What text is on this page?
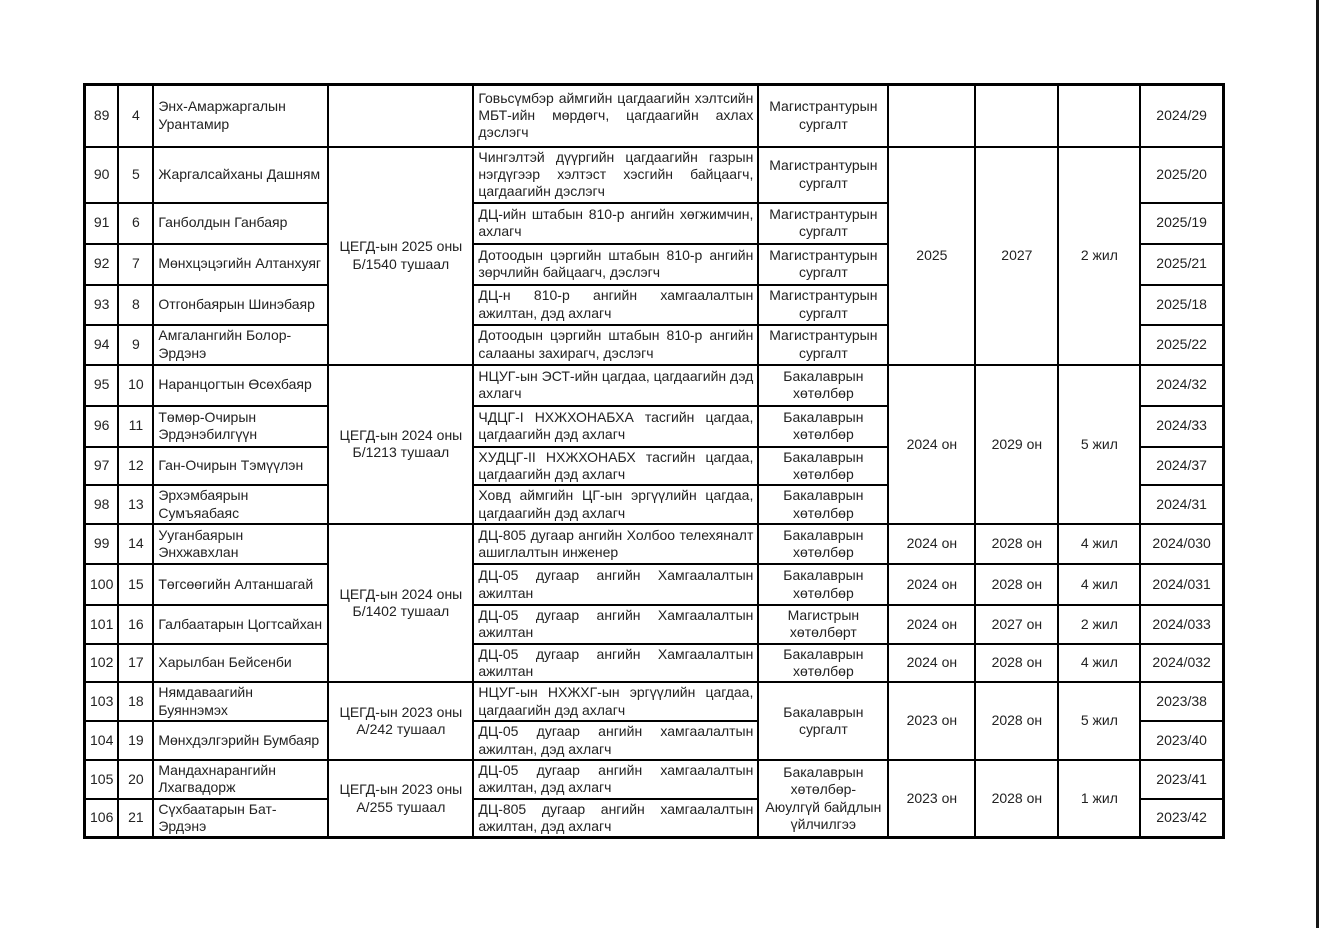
89	4	Энх-Амаржаргалын Урантамир		Говьсүмбэр аймгийн цагдаагийн хэлтсийн МБТ-ийн мөрдөгч, цагдаагийн ахлах дэслэгч	Магистрантурын сургалт				2024/29
90	5	Жаргалсайханы Дашням	ЦЕГД-ын 2025 оны Б/1540 тушаал	Чингэлтэй дүүргийн цагдаагийн газрын нэгдүгээр хэлтэст хэсгийн байцаагч, цагдаагийн дэслэгч	Магистрантурын сургалт	2025	2027	2 жил	2025/20
91	6	Ганболдын Ганбаяр		ДЦ-ийн штабын 810-р ангийн хөгжимчин, ахлагч	Магистрантурын сургалт				2025/19
92	7	Мөнхцэцэгийн Алтанхуяг		Дотоодын цэргийн штабын 810-р ангийн зөрчлийн байцаагч, дэслэгч	Магистрантурын сургалт				2025/21
93	8	Отгонбаярын Шинэбаяр		ДЦ-н 810-р ангийн хамгаалалтын ажилтан, дэд ахлагч	Магистрантурын сургалт				2025/18
94	9	Амгалангийн Болор-Эрдэнэ		Дотоодын цэргийн штабын 810-р ангийн салааны захирагч, дэслэгч	Магистрантурын сургалт				2025/22
95	10	Наранцогтын Өсөхбаяр	ЦЕГД-ын 2024 оны Б/1213 тушаал	НЦУГ-ын ЭСТ-ийн цагдаа, цагдаагийн дэд ахлагч	Бакалаврын хөтөлбөр	2024 он	2029 он	5 жил	2024/32
96	11	Төмөр-Очирын Эрдэнэбилгүүн		ЧДЦГ-I НХЖХОНАБХА тасгийн цагдаа, цагдаагийн дэд ахлагч	Бакалаврын хөтөлбөр				2024/33
97	12	Ган-Очирын Тэмүүлэн		ХУДЦГ-II НХЖХОНАБХ тасгийн цагдаа, цагдаагийн дэд ахлагч	Бакалаврын хөтөлбөр				2024/37
98	13	Эрхэмбаярын Сумъяабаяс		Ховд аймгийн ЦГ-ын эргүүлийн цагдаа, цагдаагийн дэд ахлагч	Бакалаврын хөтөлбөр				2024/31
99	14	Ууганбаярын Энхжавхлан	ЦЕГД-ын 2024 оны Б/1402 тушаал	ДЦ-805 дугаар ангийн Холбоо телехяналт ашиглалтын инженер	Бакалаврын хөтөлбөр	2024 он	2028 он	4 жил	2024/030
100	15	Төгсөөгийн Алтаншагай		ДЦ-05 дугаар ангийн Хамгаалалтын ажилтан	Бакалаврын хөтөлбөр	2024 он	2028 он	4 жил	2024/031
101	16	Галбаатарын Цогтсайхан		ДЦ-05 дугаар ангийн Хамгаалалтын ажилтан	Магистрын хөтөлбөрт	2024 он	2027 он	2 жил	2024/033
102	17	Харылбан Бейсенби		ДЦ-05 дугаар ангийн Хамгаалалтын ажилтан	Бакалаврын хөтөлбөр	2024 он	2028 он	4 жил	2024/032
103	18	Нямдаваагийн Буяннэмэх	ЦЕГД-ын 2023 оны А/242 тушаал	НЦУГ-ын НХЖХГ-ын эргүүлийн цагдаа, цагдаагийн дэд ахлагч	Бакалаврын сургалт	2023 он	2028 он	5 жил	2023/38
104	19	Мөнхдэлгэрийн Бумбаяр		ДЦ-05 дугаар ангийн хамгаалалтын ажилтан, дэд ахлагч					2023/40
105	20	Мандахнарангийн Лхагвадорж	ЦЕГД-ын 2023 оны А/255 тушаал	ДЦ-05 дугаар ангийн хамгаалалтын ажилтан, дэд ахлагч	Бакалаврын хөтөлбөр-Аюулгүй байдлын үйлчилгээ	2023 он	2028 он	1 жил	2023/41
106	21	Сүхбаатарын Бат-Эрдэнэ		ДЦ-805 дугаар ангийн хамгаалалтын ажилтан, дэд ахлагч					2023/42
